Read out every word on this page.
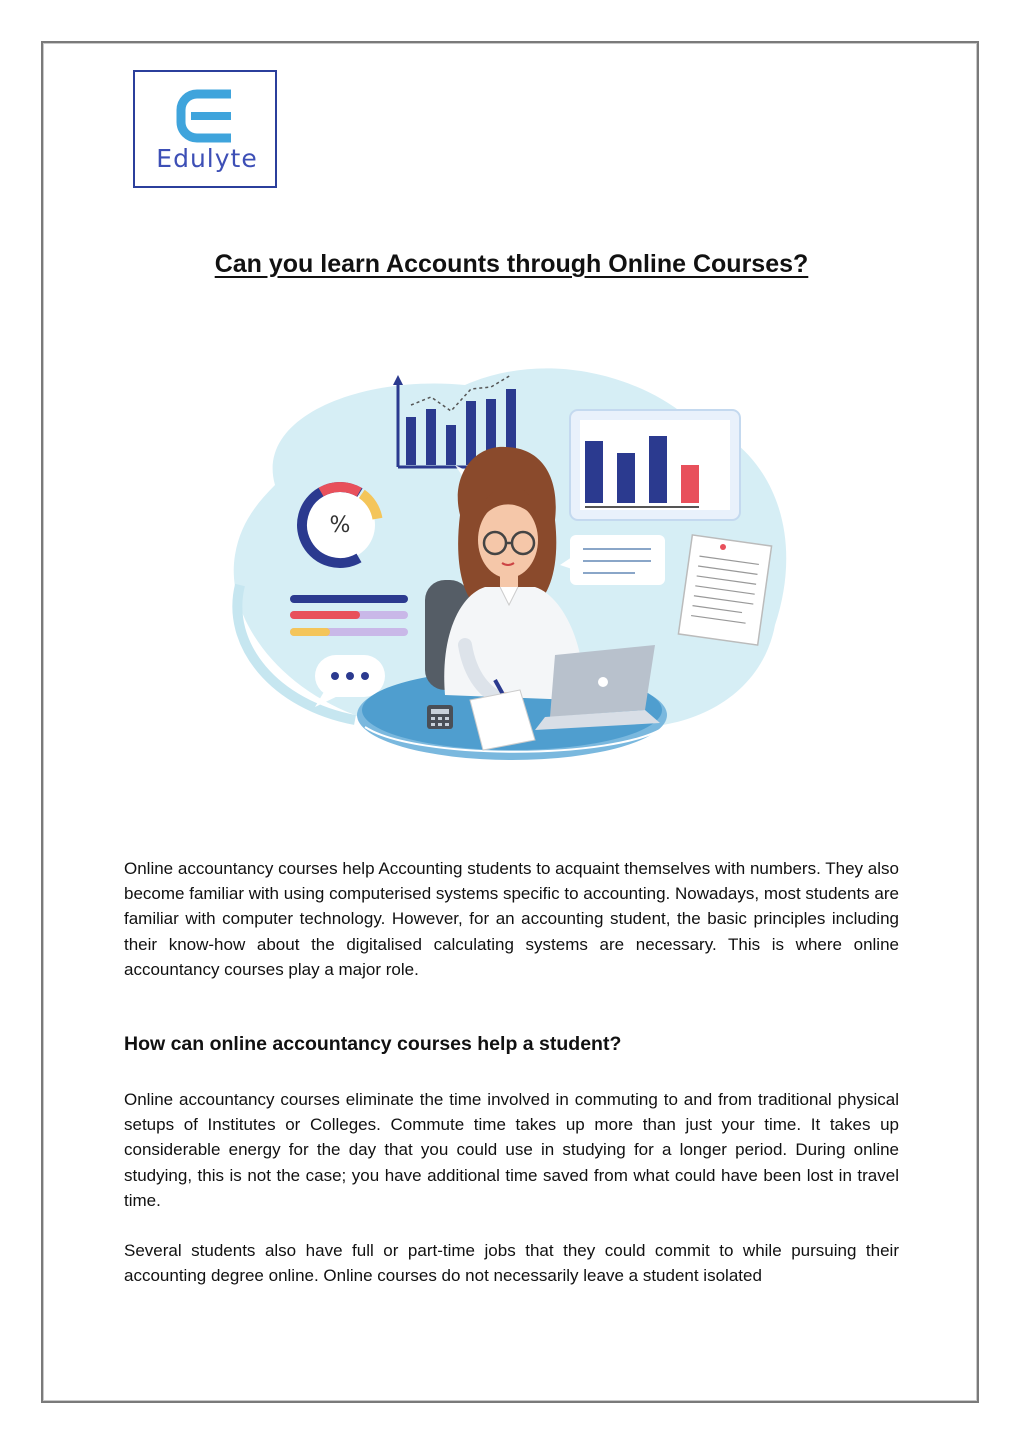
Edulyte
Can you learn Accounts through Online Courses?
%

Online accountancy courses help Accounting students to acquaint themselves with numbers. They also become familiar with using computerised systems specific to accounting. Nowadays, most students are familiar with computer technology. However, for an accounting student, the basic principles including their know-how about the digitalised calculating systems are necessary. This is where online accountancy courses play a major role.

How can online accountancy courses help a student?

Online accountancy courses eliminate the time involved in commuting to and from traditional physical setups of Institutes or Colleges. Commute time takes up more than just your time. It takes up considerable energy for the day that you could use in studying for a longer period. During online studying, this is not the case; you have additional time saved from what could have been lost in travel time.

Several students also have full or part-time jobs that they could commit to while pursuing their accounting degree online. Online courses do not necessarily leave a student isolated
